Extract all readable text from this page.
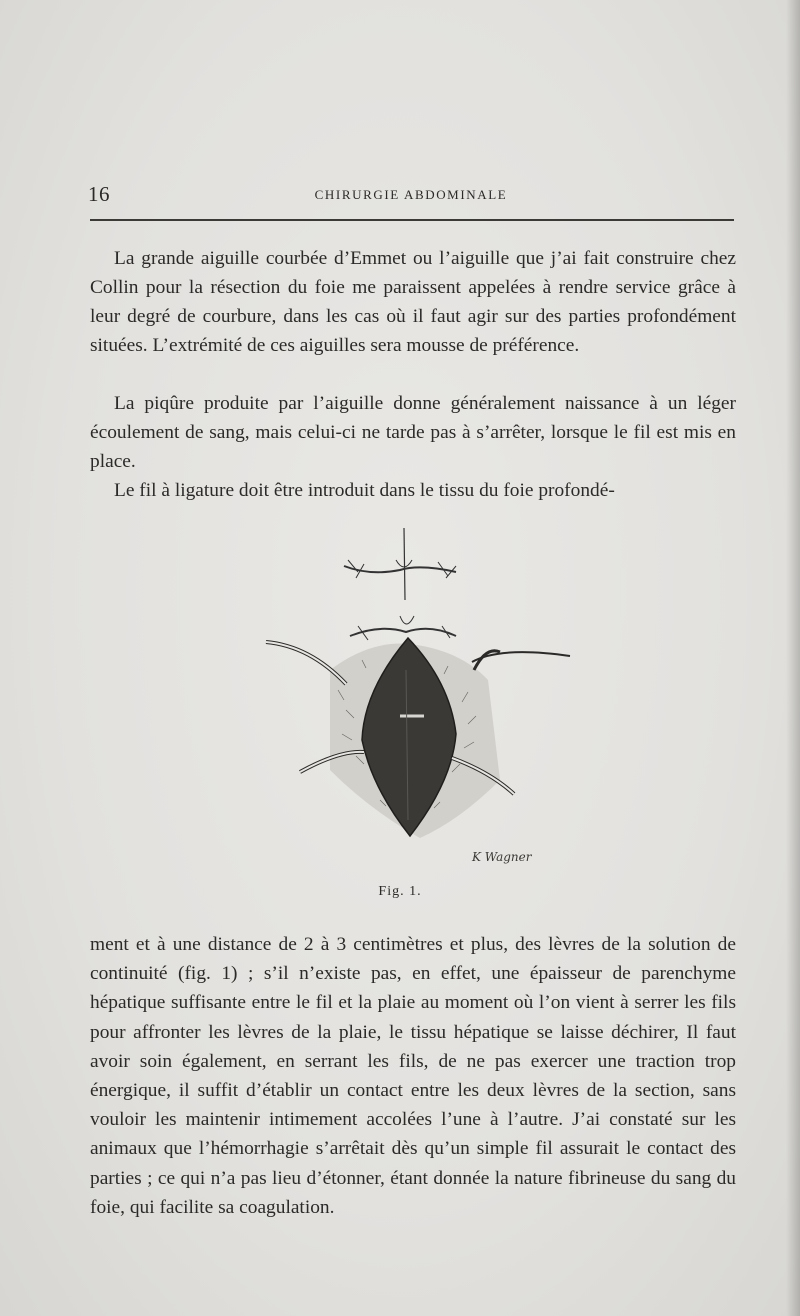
16	CHIRURGIE ABDOMINALE

La grande aiguille courbée d’Emmet ou l’aiguille que j’ai fait construire chez Collin pour la résection du foie me paraissent appelées à rendre service grâce à leur degré de courbure, dans les cas où il faut agir sur des parties profondément situées. L’extrémité de ces aiguilles sera mousse de préférence.

La piqûre produite par l’aiguille donne généralement naissance à un léger écoulement de sang, mais celui-ci ne tarde pas à s’arrêter, lorsque le fil est mis en place.

Le fil à ligature doit être introduit dans le tissu du foie profondé-

K Wagner
Fig. 1.

ment et à une distance de 2 à 3 centimètres et plus, des lèvres de la solution de continuité (fig. 1) ; s’il n’existe pas, en effet, une épaisseur de parenchyme hépatique suffisante entre le fil et la plaie au moment où l’on vient à serrer les fils pour affronter les lèvres de la plaie, le tissu hépatique se laisse déchirer, Il faut avoir soin également, en serrant les fils, de ne pas exercer une traction trop énergique, il suffit d’établir un contact entre les deux lèvres de la section, sans vouloir les maintenir intimement accolées l’une à l’autre. J’ai constaté sur les animaux que l’hémorrhagie s’arrêtait dès qu’un simple fil assurait le contact des parties ; ce qui n’a pas lieu d’étonner, étant donnée la nature fibrineuse du sang du foie, qui facilite sa coagulation.
